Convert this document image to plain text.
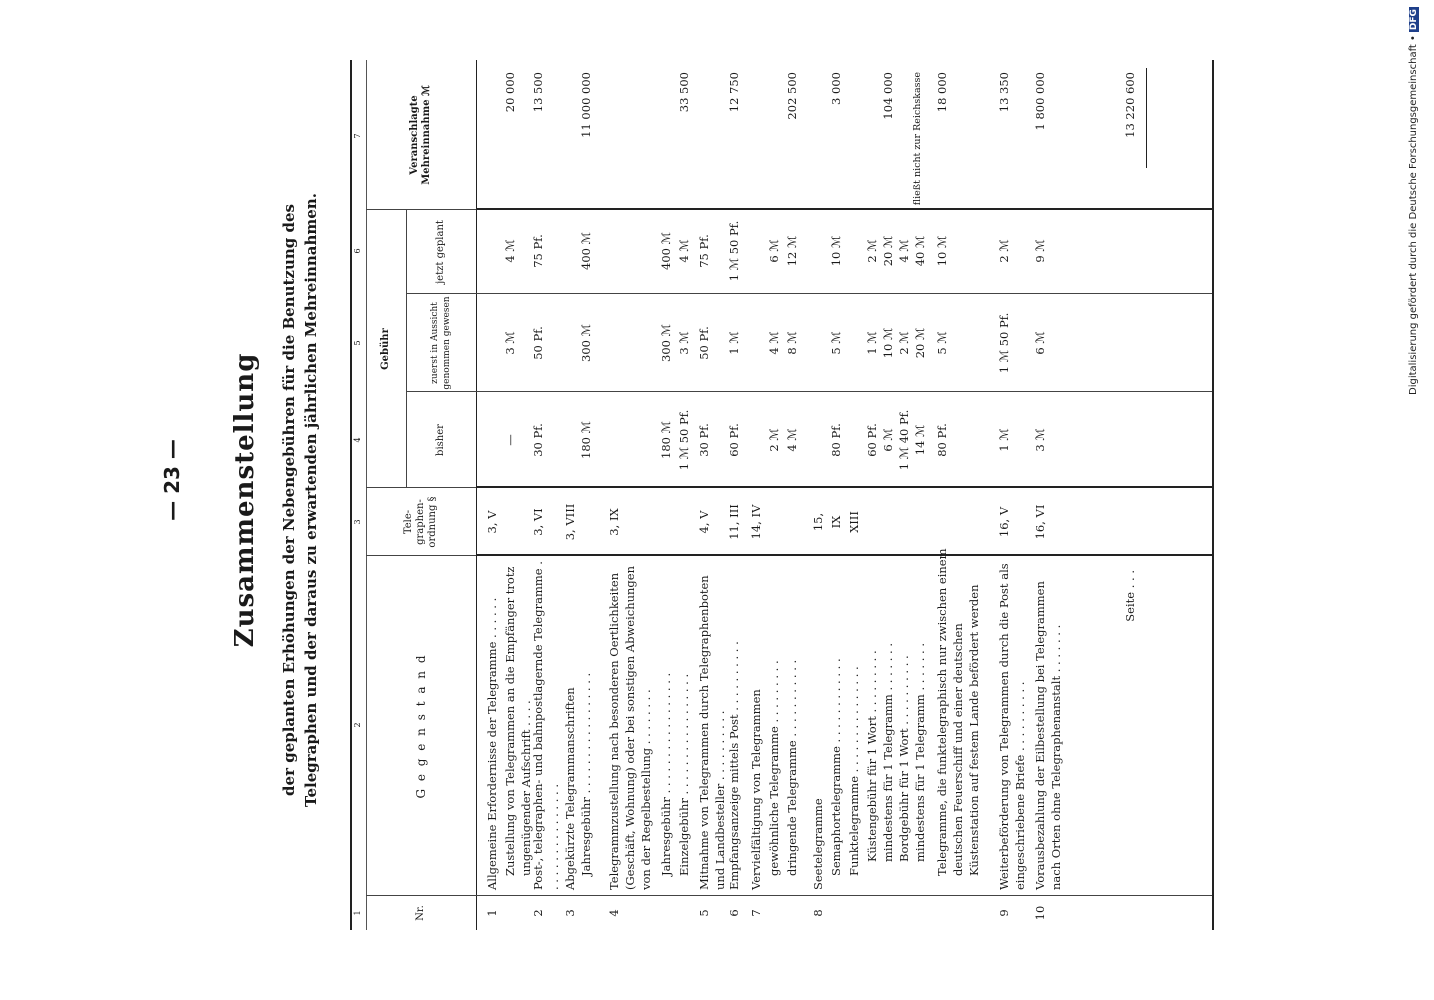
— 23 — Zusammenstellung der geplanten Erhöhungen der Nebengebühren für die Benutzung des Telegraphen und der daraus zu erwartenden jährlichen Mehreinnahmen.
1
2
3
4
5
6
7
Nr.
G e g e n s t a n d
Tele-graphen-ordnung §
bisher
zuerst in Aussicht genommen gewesen
jetzt geplant
Gebühr
Veranschlagte Mehreinnahme ℳ
1
Allgemeine Erfordernisse der Telegramme . . . . . .
3, V
Zustellung von Telegrammen an die Empfänger trotz ungenügender Aufschrift . . . .
—
3 ℳ
4 ℳ
20 000
2
Post-, telegraphen- und bahnpostlagernde Telegramme . . . . . . . . . . . . . . . .
3, VI
30 Pf.
50 Pf.
75 Pf.
13 500
3
Abgekürzte Telegrammanschriften
3, VIII
Jahresgebühr . . . . . . . . . . . . . . . . .
180 ℳ
300 ℳ
400 ℳ
11 000 000
4
Telegrammzustellung nach besonderen Oertlichkeiten (Geschäft, Wohnung) oder bei sonstigen Abweichungen von der Regelbestellung . . . . . . . .
3, IX
Jahresgebühr . . . . . . . . . . . . . . . . .
180 ℳ
300 ℳ
400 ℳ
Einzelgebühr . . . . . . . . . . . . . . . . .
1 ℳ 50 Pf.
3 ℳ
4 ℳ
33 500
5
Mitnahme von Telegrammen durch Telegraphenboten und Landbesteller . . . . . . . . . .
4, V
30 Pf.
50 Pf.
75 Pf.
6
Empfangsanzeige mittels Post . . . . . . . . . .
11, III
60 Pf.
1 ℳ
1 ℳ 50 Pf.
12 750
7
Vervielfältigung von Telegrammen
14, IV
gewöhnliche Telegramme . . . . . . . . .
2 ℳ
4 ℳ
6 ℳ
dringende Telegramme . . . . . . . . . . .
4 ℳ
8 ℳ
12 ℳ
202 500
8
Seetelegramme
15,
Semaphortelegramme . . . . . . . . . . . .
IX
80 Pf.
5 ℳ
10 ℳ
3 000
Funktelegramme . . . . . . . . . . . . . . .
XIII
Küstengebühr für 1 Wort . . . . . . . . .
60 Pf.
1 ℳ
2 ℳ
mindestens für 1 Telegramm . . . . . . .
6 ℳ
10 ℳ
20 ℳ
104 000
Bordgebühr für 1 Wort . . . . . . . . . .
1 ℳ 40 Pf.
2 ℳ
4 ℳ
mindestens für 1 Telegramm . . . . . . .
14 ℳ
20 ℳ
40 ℳ
fließt nicht zur Reichskasse
Telegramme, die funktelegraphisch nur zwischen einem deutschen Feuerschiff und einer deutschen Küstenstation auf festem Lande befördert werden
80 Pf.
5 ℳ
10 ℳ
18 000
9
Weiterbeförderung von Telegrammen durch die Post als eingeschriebene Briefe . . . . . . . . . .
16, V
1 ℳ
1 ℳ 50 Pf.
2 ℳ
13 350
10
Vorausbezahlung der Eilbestellung bei Telegrammen nach Orten ohne Telegraphenanstalt . . . . . . .
16, VI
3 ℳ
6 ℳ
9 ℳ
1 800 000
Seite . . .
13 220 600	Digitalisierung gefördert durch die Deutsche Forschungsgemeinschaft •DFG
